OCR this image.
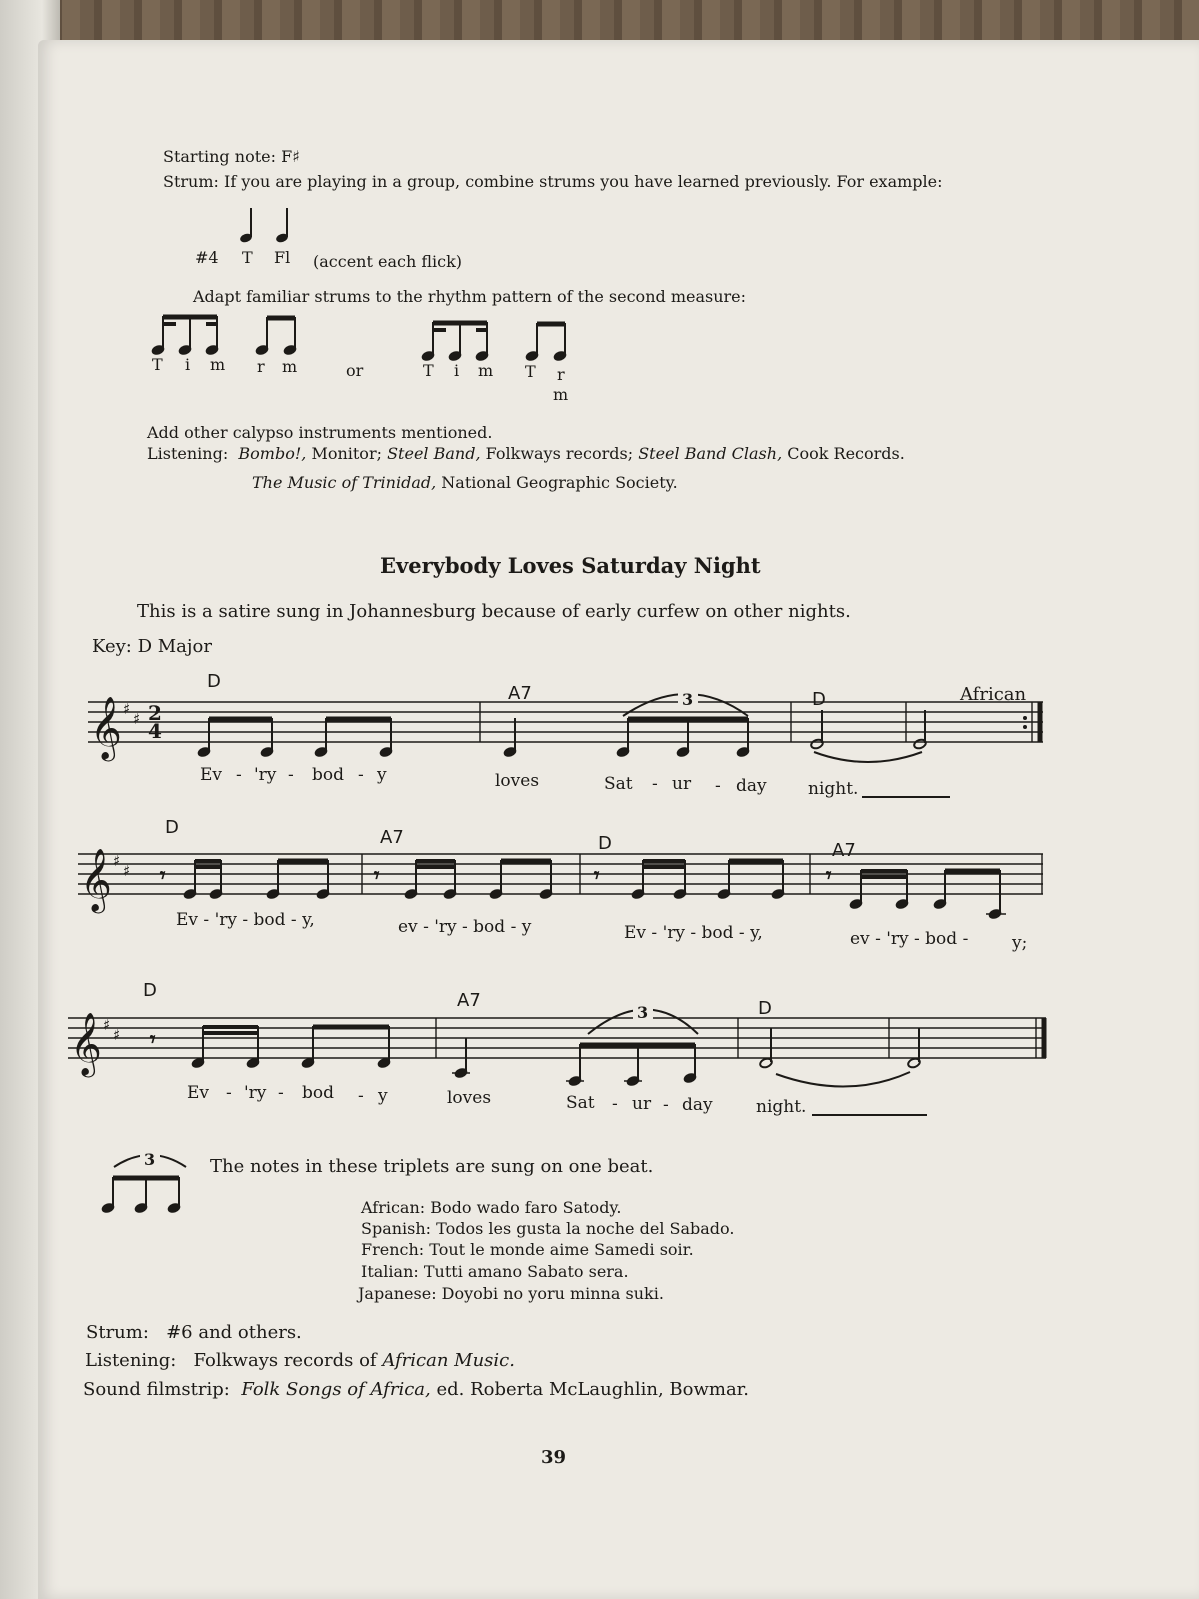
Starting note: F♯
Strum: If you are playing in a group, combine strums you have learned previously. For example:
#4 T Fl (accent each flick)
Adapt familiar strums to the rhythm pattern of the second measure:
T i m r m	or	T i m T r
m
Add other calypso instruments mentioned.
Listening: Bombo!, Monitor; Steel Band, Folkways records; Steel Band Clash, Cook Records.
The Music of Trinidad, National Geographic Society.
Everybody Loves Saturday Night
This is a satire sung in Johannesburg because of early curfew on other nights.
Key: D Major
African
𝄞 ♯
♯ 2
4
3
D
A7	D
Ev - 'ry - bod - y	loves	Sat - ur - day night.
𝄞 ♯
♯ 𝄾	𝄾	𝄾	𝄾
D	A7	D	A7
Ev - 'ry - bod - y,	ev - 'ry - bod - y	Ev - 'ry - bod - y,	ev - 'ry - bod -	y;
𝄞 ♯
♯ 𝄾
3
D	A7	D
Ev - 'ry - bod - y	loves	Sat - ur - day	night.
3	The notes in these triplets are sung on one beat.
African: Bodo wado faro Satody.
Spanish: Todos les gusta la noche del Sabado.
French: Tout le monde aime Samedi soir.
Italian: Tutti amano Sabato sera.
Japanese: Doyobi no yoru minna suki.
Strum: #6 and others.
Listening: Folkways records of African Music.
Sound filmstrip: Folk Songs of Africa, ed. Roberta McLaughlin, Bowmar.
39
